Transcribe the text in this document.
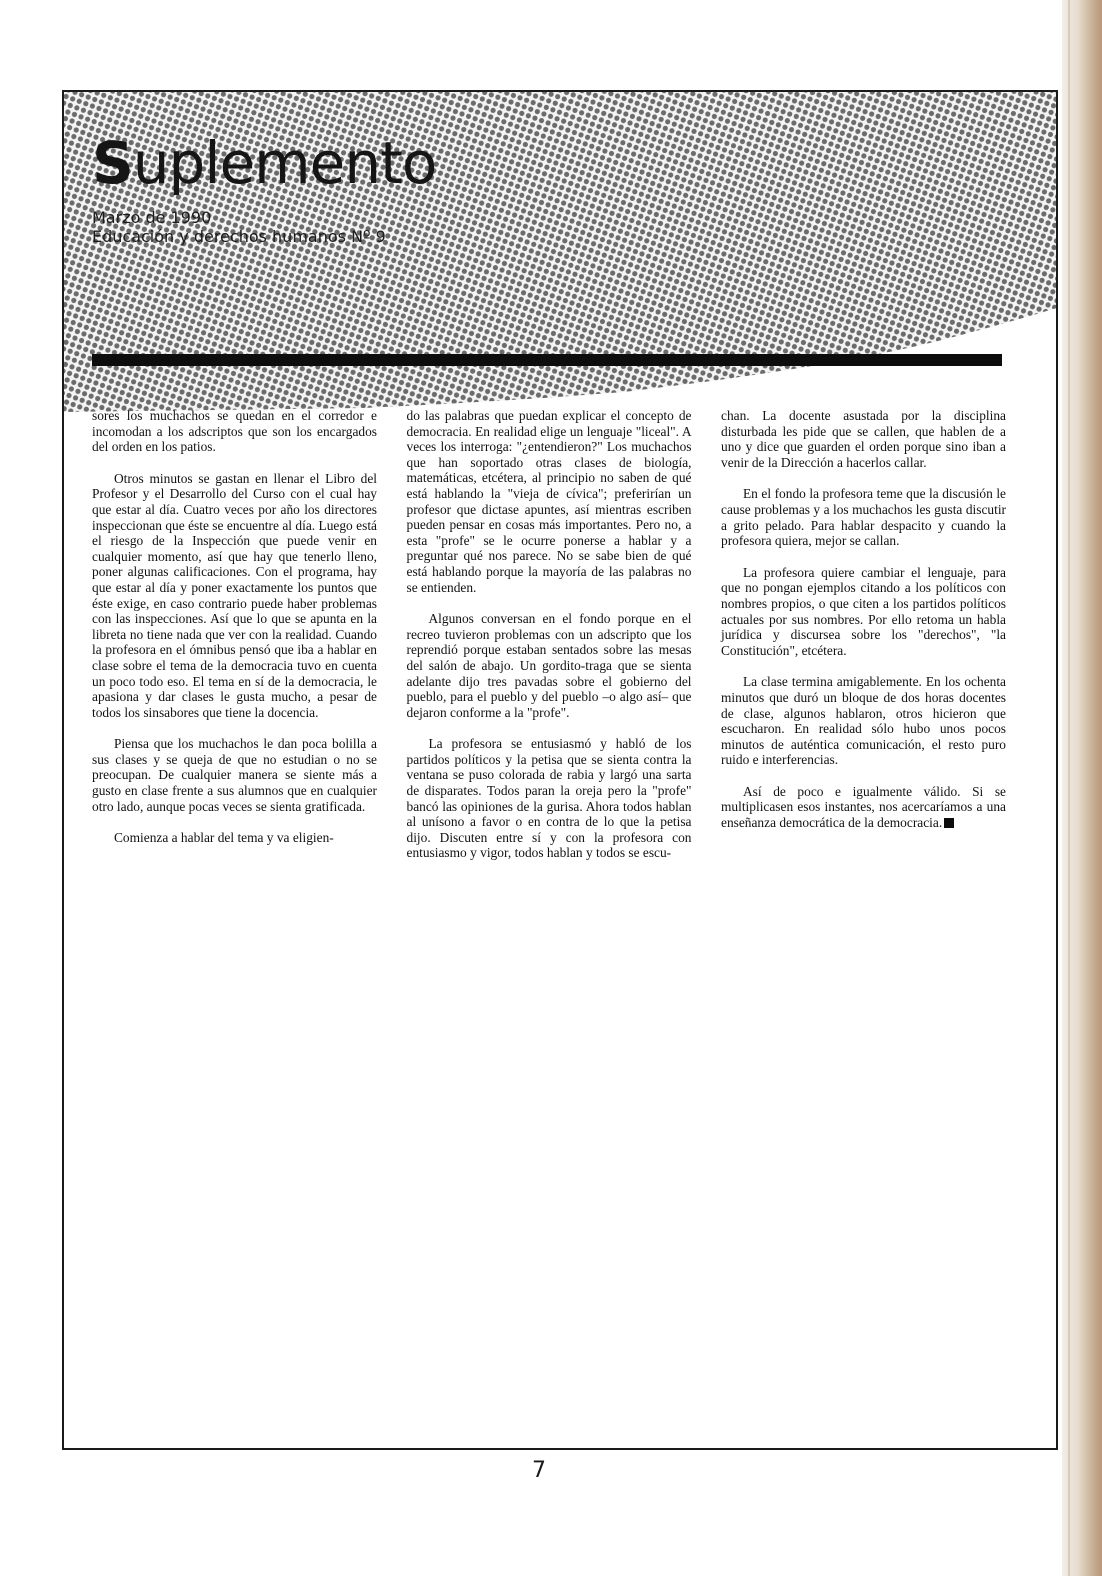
Suplemento
Marzo de 1990
Educación y derechos humanos Nº 9

sores los muchachos se quedan en el corredor e incomodan a los adscriptos que son los encargados del orden en los patios.

Otros minutos se gastan en llenar el Libro del Profesor y el Desarrollo del Curso con el cual hay que estar al día. Cuatro veces por año los directores inspeccionan que éste se encuentre al día. Luego está el riesgo de la Inspección que puede venir en cualquier momento, así que hay que tenerlo lleno, poner algunas calificaciones. Con el programa, hay que estar al día y poner exactamente los puntos que éste exige, en caso contrario puede haber problemas con las inspecciones. Así que lo que se apunta en la libreta no tiene nada que ver con la realidad. Cuando la profesora en el ómnibus pensó que iba a hablar en clase sobre el tema de la democracia tuvo en cuenta un poco todo eso. El tema en sí de la democracia, le apasiona y dar clases le gusta mucho, a pesar de todos los sinsabores que tiene la docencia.

Piensa que los muchachos le dan poca bolilla a sus clases y se queja de que no estudian o no se preocupan. De cualquier manera se siente más a gusto en clase frente a sus alumnos que en cualquier otro lado, aunque pocas veces se sienta gratificada.

Comienza a hablar del tema y va eligien-

do las palabras que puedan explicar el concepto de democracia. En realidad elige un lenguaje "liceal". A veces los interroga: "¿entendieron?" Los muchachos que han soportado otras clases de biología, matemáticas, etcétera, al principio no saben de qué está hablando la "vieja de cívica"; preferirían un profesor que dictase apuntes, así mientras escriben pueden pensar en cosas más importantes. Pero no, a esta "profe" se le ocurre ponerse a hablar y a preguntar qué nos parece. No se sabe bien de qué está hablando porque la mayoría de las palabras no se entienden.

Algunos conversan en el fondo porque en el recreo tuvieron problemas con un adscripto que los reprendió porque estaban sentados sobre las mesas del salón de abajo. Un gordito-traga que se sienta adelante dijo tres pavadas sobre el gobierno del pueblo, para el pueblo y del pueblo –o algo así– que dejaron conforme a la "profe".

La profesora se entusiasmó y habló de los partidos políticos y la petisa que se sienta contra la ventana se puso colorada de rabia y largó una sarta de disparates. Todos paran la oreja pero la "profe" bancó las opiniones de la gurisa. Ahora todos hablan al unísono a favor o en contra de lo que la petisa dijo. Discuten entre sí y con la profesora con entusiasmo y vigor, todos hablan y todos se escu-

chan. La docente asustada por la disciplina disturbada les pide que se callen, que hablen de a uno y dice que guarden el orden porque sino iban a venir de la Dirección a hacerlos callar.

En el fondo la profesora teme que la discusión le cause problemas y a los muchachos les gusta discutir a grito pelado. Para hablar despacito y cuando la profesora quiera, mejor se callan.

La profesora quiere cambiar el lenguaje, para que no pongan ejemplos citando a los políticos con nombres propios, o que citen a los partidos políticos actuales por sus nombres. Por ello retoma un habla jurídica y discursea sobre los "derechos", "la Constitución", etcétera.

La clase termina amigablemente. En los ochenta minutos que duró un bloque de dos horas docentes de clase, algunos hablaron, otros hicieron que escucharon. En realidad sólo hubo unos pocos minutos de auténtica comunicación, el resto puro ruido e interferencias.

Así de poco e igualmente válido. Si se multiplicasen esos instantes, nos acercaríamos a una enseñanza democrática de la democracia.

7
